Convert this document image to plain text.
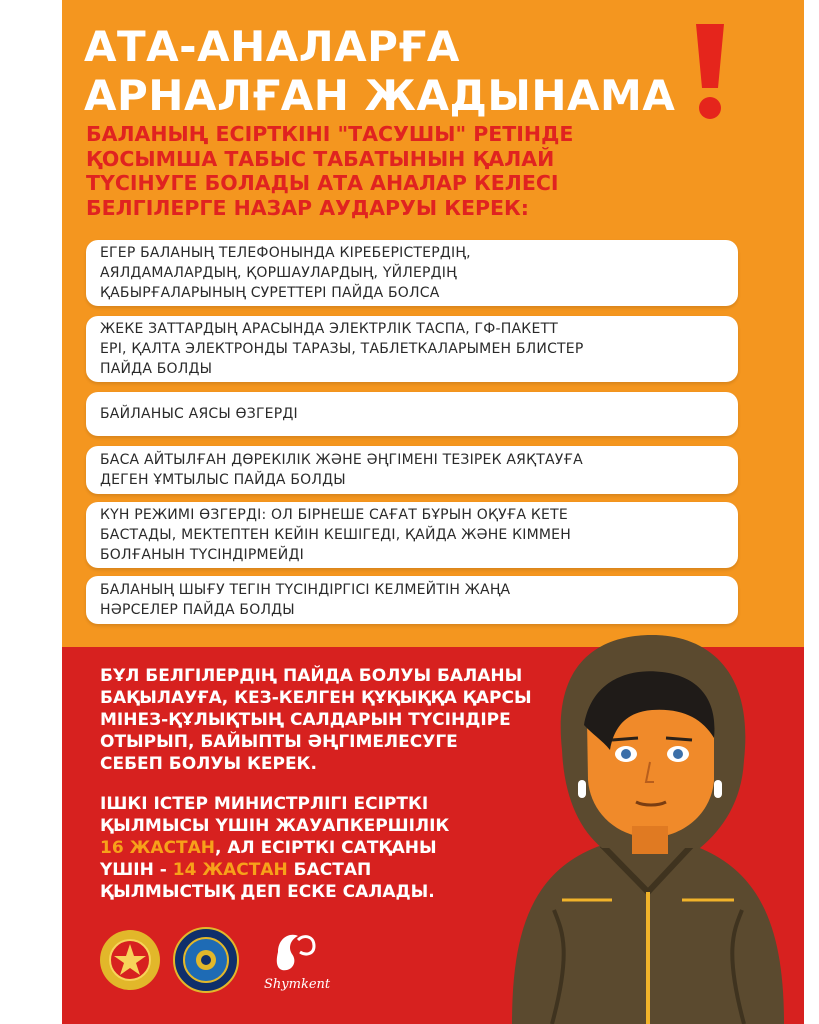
АТА-АНАЛАРҒА
АРНАЛҒАН ЖАДЫНАМА
БАЛАНЫҢ ЕСІРТКІНІ "ТАСУШЫ" РЕТІНДЕ
ҚОСЫМША ТАБЫС ТАБАТЫНЫН ҚАЛАЙ
ТҮСІНУГЕ БОЛАДЫ АТА АНАЛАР КЕЛЕСІ
БЕЛГІЛЕРГЕ НАЗАР АУДАРУЫ КЕРЕК:
ЕГЕР БАЛАНЫҢ ТЕЛЕФОНЫНДА КІРЕБЕРІСТЕРДІҢ,
АЯЛДАМАЛАРДЫҢ, ҚОРШАУЛАРДЫҢ, ҮЙЛЕРДІҢ
ҚАБЫРҒАЛАРЫНЫҢ СУРЕТТЕРІ ПАЙДА БОЛСА
ЖЕКЕ ЗАТТАРДЫҢ АРАСЫНДА ЭЛЕКТРЛІК ТАСПА, ГФ-ПАКЕТТ
ЕРІ, ҚАЛТА ЭЛЕКТРОНДЫ ТАРАЗЫ, ТАБЛЕТКАЛАРЫМЕН БЛИСТЕР
ПАЙДА БОЛДЫ
БАЙЛАНЫС АЯСЫ ӨЗГЕРДІ
БАСА АЙТЫЛҒАН ДӨРЕКІЛІК ЖӘНЕ ӘҢГІМЕНІ ТЕЗІРЕК АЯҚТАУҒА
ДЕГЕН ҰМТЫЛЫС ПАЙДА БОЛДЫ
КҮН РЕЖИМІ ӨЗГЕРДІ: ОЛ БІРНЕШЕ САҒАТ БҰРЫН ОҚУҒА КЕТЕ
БАСТАДЫ, МЕКТЕПТЕН КЕЙІН КЕШІГЕДІ, ҚАЙДА ЖӘНЕ КІММЕН
БОЛҒАНЫН ТҮСІНДІРМЕЙДІ
БАЛАНЫҢ ШЫҒУ ТЕГІН ТҮСІНДІРГІСІ КЕЛМЕЙТІН ЖАҢА
НӘРСЕЛЕР ПАЙДА БОЛДЫ

БҰЛ БЕЛГІЛЕРДІҢ ПАЙДА БОЛУЫ БАЛАНЫ
БАҚЫЛАУҒА, КЕЗ-КЕЛГЕН ҚҰҚЫҚҚА ҚАРСЫ
МІНЕЗ-ҚҰЛЫҚТЫҢ САЛДАРЫН ТҮСІНДІРЕ
ОТЫРЫП, БАЙЫПТЫ ӘҢГІМЕЛЕСУГЕ
СЕБЕП БОЛУЫ КЕРЕК.

ІШКІ ІСТЕР МИНИСТРЛІГІ ЕСІРТКІ
ҚЫЛМЫСЫ ҮШІН ЖАУАПКЕРШІЛІК
16 ЖАСТАН, АЛ ЕСІРТКІ САТҚАНЫ
ҮШІН - 14 ЖАСТАН БАСТАП
ҚЫЛМЫСТЫҚ ДЕП ЕСКЕ САЛАДЫ.

Shymkent
